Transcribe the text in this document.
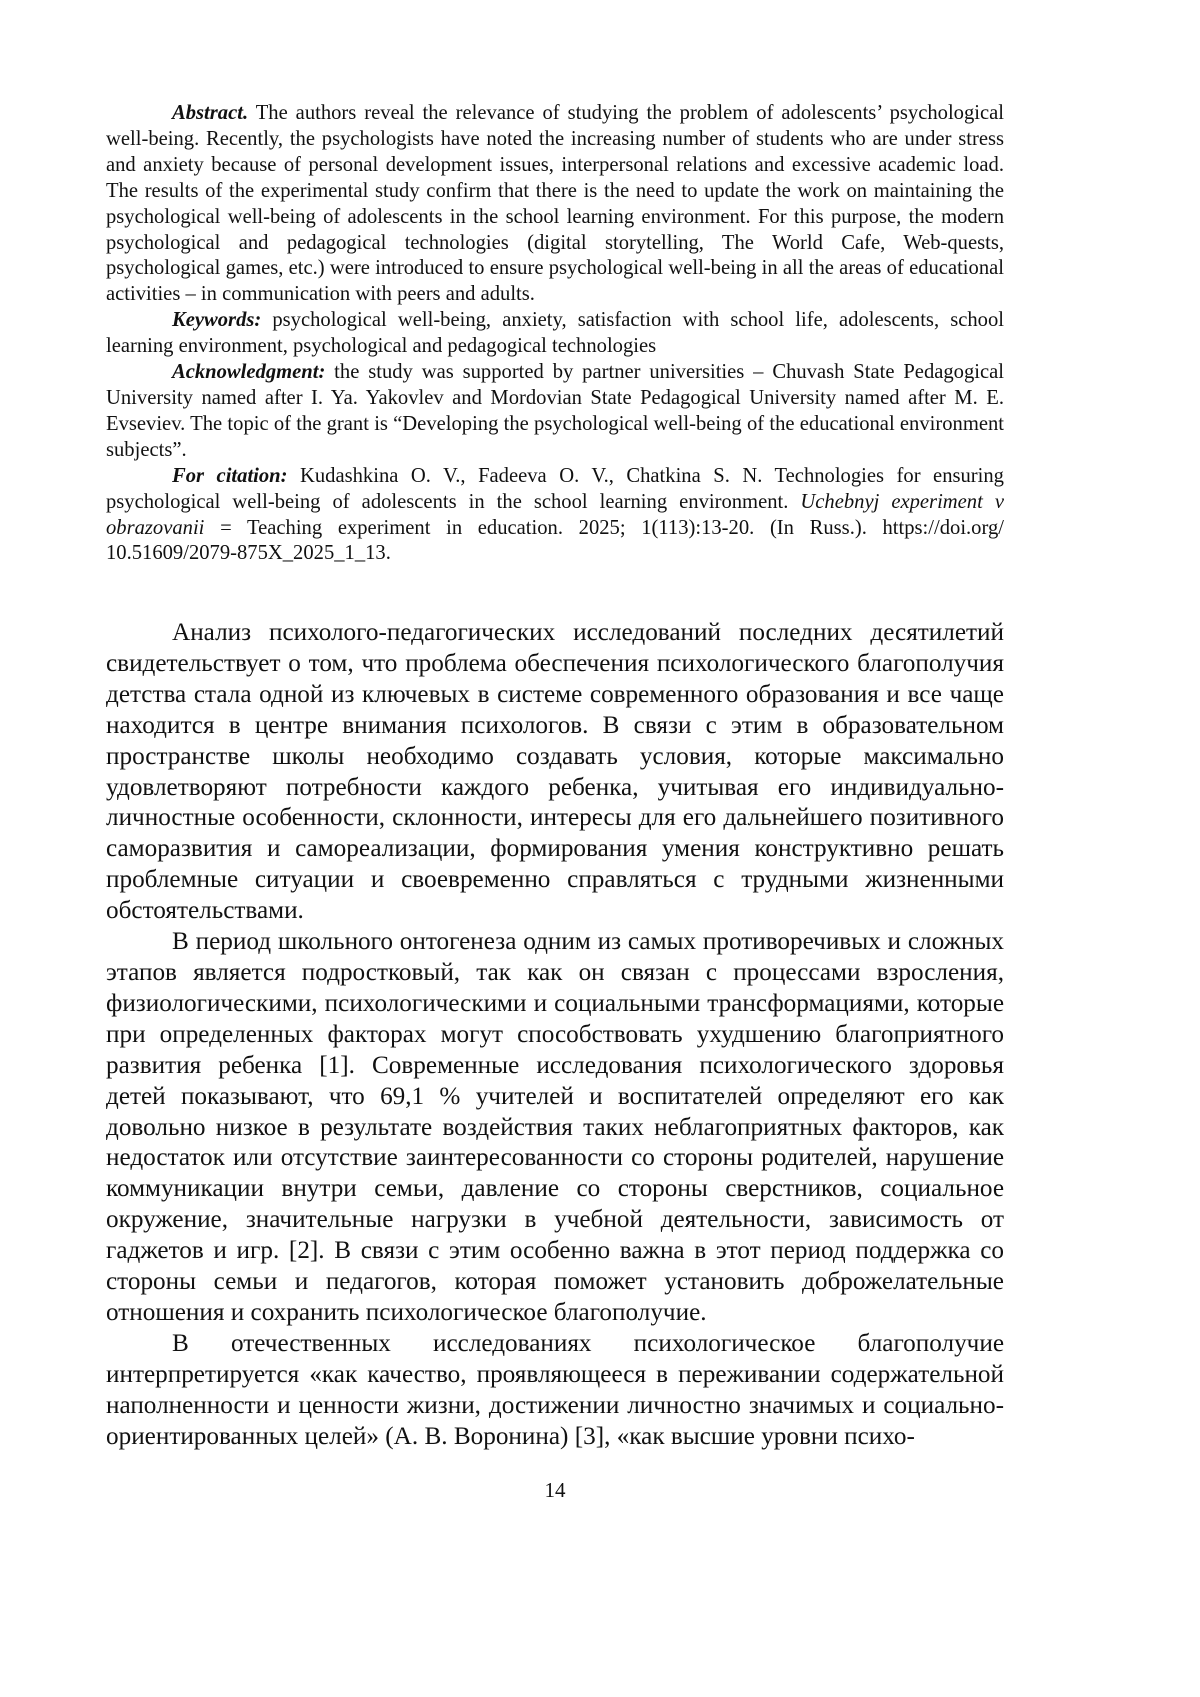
Abstract. The authors reveal the relevance of studying the problem of adolescents’ psychological well-being. Recently, the psychologists have noted the increasing number of students who are under stress and anxiety because of personal development issues, interpersonal relations and excessive academic load. The results of the experimental study confirm that there is the need to update the work on maintaining the psychological well-being of adolescents in the school learning environment. For this purpose, the modern psychological and pedagogical technologies (digital storytelling, The World Cafe, Web-quests, psychological games, etc.) were introduced to ensure psychological well-being in all the areas of educational activities – in communication with peers and adults.

Keywords: psychological well-being, anxiety, satisfaction with school life, adolescents, school learning environment, psychological and pedagogical technologies

Acknowledgment: the study was supported by partner universities – Chuvash State Pedagogical University named after I. Ya. Yakovlev and Mordovian State Pedagogical University named after M. E. Evseviev. The topic of the grant is “Developing the psychological well-being of the educational environment subjects”.

For citation: Kudashkina O. V., Fadeeva O. V., Chatkina S. N. Technologies for ensuring psychological well-being of adolescents in the school learning environment. Uchebnyj experiment v obrazovanii = Teaching experiment in education. 2025; 1(113):13-20. (In Russ.). https://doi.org/ 10.51609/2079-875X_2025_1_13.

Анализ психолого-педагогических исследований последних десятилетий свидетельствует о том, что проблема обеспечения психологического благополучия детства стала одной из ключевых в системе современного образования и все чаще находится в центре внимания психологов. В связи с этим в образовательном пространстве школы необходимо создавать условия, которые максимально удовлетворяют потребности каждого ребенка, учитывая его индивидуально-личностные особенности, склонности, интересы для его дальнейшего позитивного саморазвития и самореализации, формирования умения конструктивно решать проблемные ситуации и своевременно справляться с трудными жизненными обстоятельствами.

В период школьного онтогенеза одним из самых противоречивых и сложных этапов является подростковый, так как он связан с процессами взросления, физиологическими, психологическими и социальными трансформациями, которые при определенных факторах могут способствовать ухудшению благоприятного развития ребенка [1]. Современные исследования психологического здоровья детей показывают, что 69,1 % учителей и воспитателей определяют его как довольно низкое в результате воздействия таких неблагоприятных факторов, как недостаток или отсутствие заинтересованности со стороны родителей, нарушение коммуникации внутри семьи, давление со стороны сверстников, социальное окружение, значительные нагрузки в учебной деятельности, зависимость от гаджетов и игр. [2]. В связи с этим особенно важна в этот период поддержка со стороны семьи и педагогов, которая поможет установить доброжелательные отношения и сохранить психологическое благополучие.

В отечественных исследованиях психологическое благополучие интерпретируется «как качество, проявляющееся в переживании содержательной наполненности и ценности жизни, достижении личностно значимых и социально-ориентированных целей» (А. В. Воронина) [3], «как высшие уровни психо-

14
